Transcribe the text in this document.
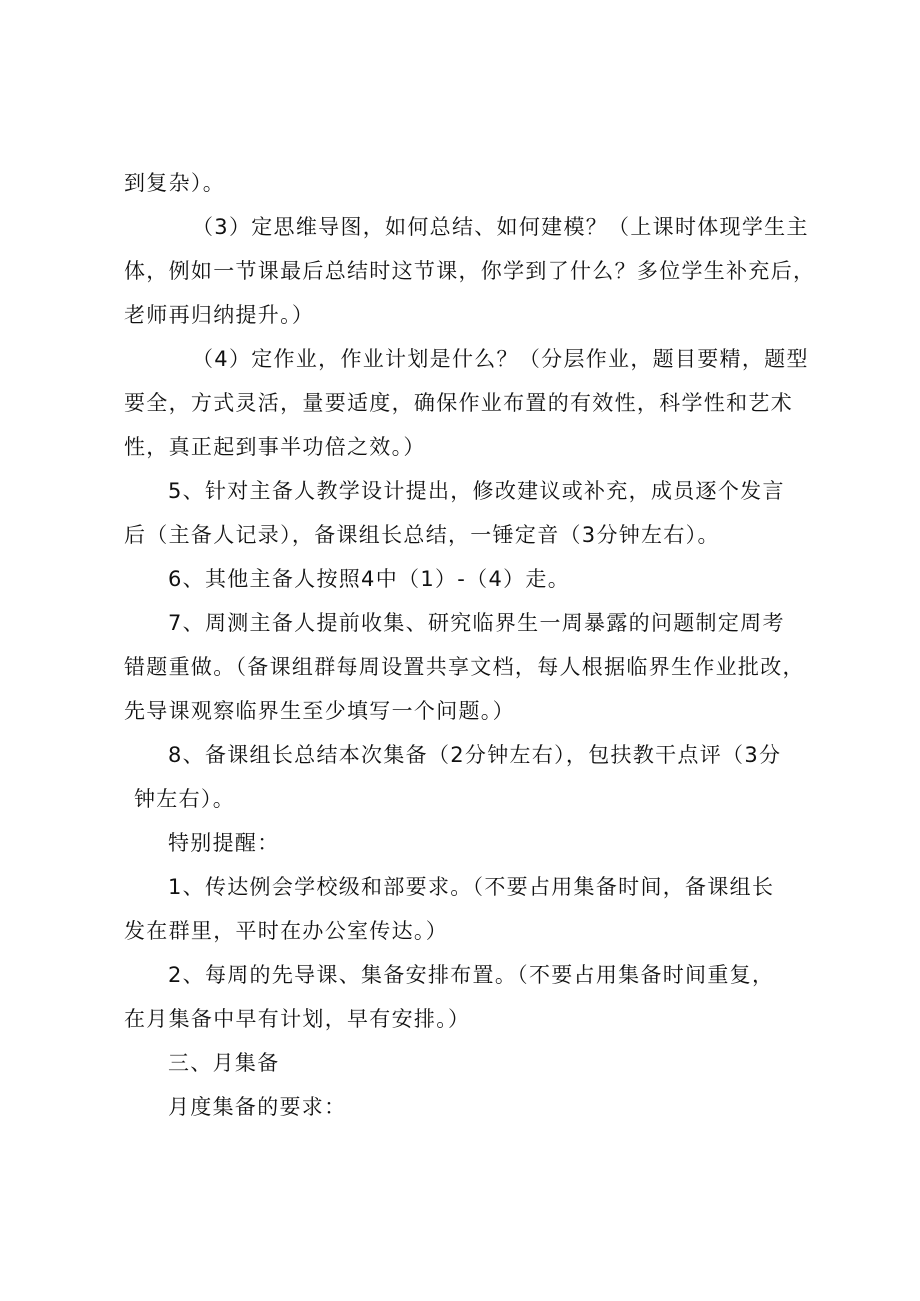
到复杂）。
（3）定思维导图，如何总结、如何建模？（上课时体现学生主
体，例如一节课最后总结时这节课，你学到了什么？多位学生补充后，
老师再归纳提升。）
（4）定作业，作业计划是什么？（分层作业，题目要精，题型
要全，方式灵活，量要适度，确保作业布置的有效性，科学性和艺术
性，真正起到事半功倍之效。）
5、针对主备人教学设计提出，修改建议或补充，成员逐个发言
后（主备人记录），备课组长总结，一锤定音（3分钟左右）。
6、其他主备人按照4中（1）-（4）走。
7、周测主备人提前收集、研究临界生一周暴露的问题制定周考
错题重做。（备课组群每周设置共享文档，每人根据临界生作业批改，
先导课观察临界生至少填写一个问题。）
8、备课组长总结本次集备（2分钟左右），包扶教干点评（3分
钟左右）。
特别提醒：
1、传达例会学校级和部要求。（不要占用集备时间，备课组长
发在群里，平时在办公室传达。）
2、每周的先导课、集备安排布置。（不要占用集备时间重复，
在月集备中早有计划，早有安排。）
三、月集备
月度集备的要求：
